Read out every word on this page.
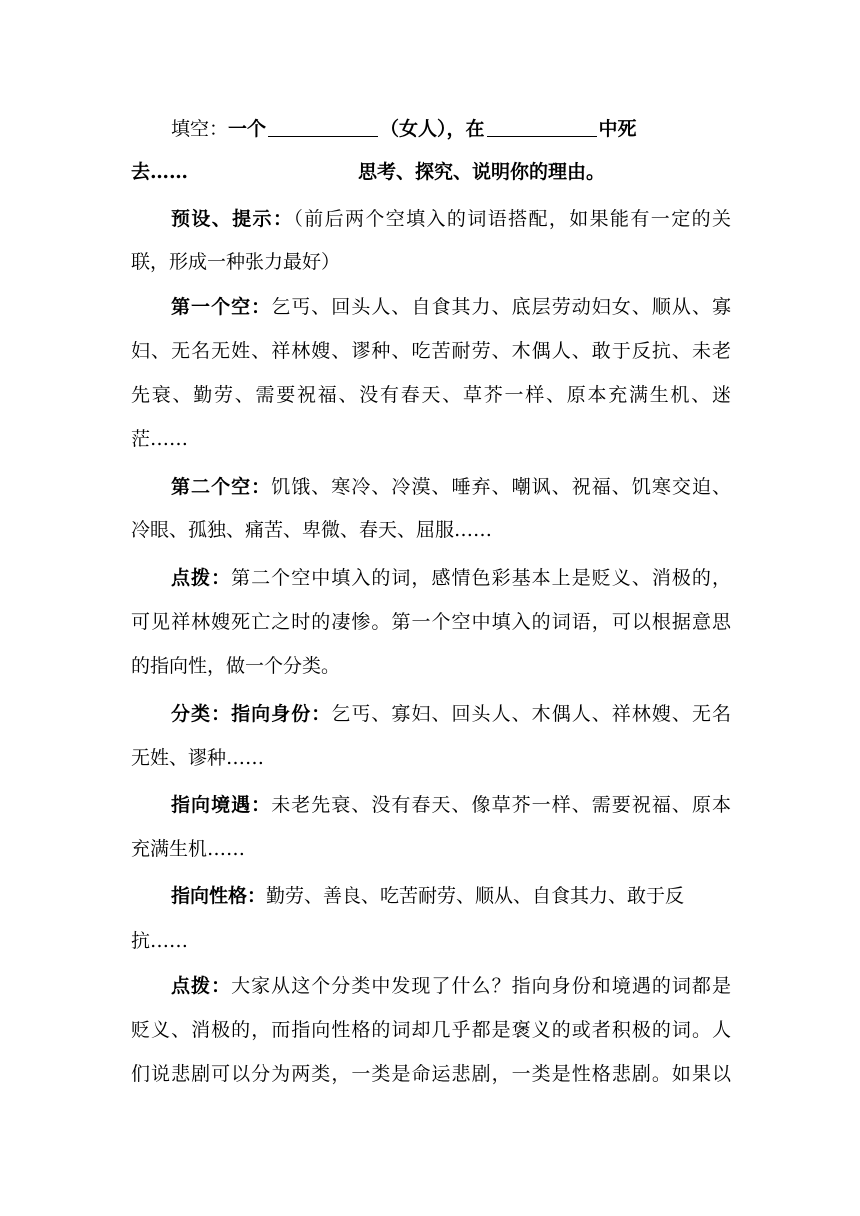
填空：一个	（女人），在	中死
去……	思考、探究、说明你的理由。
预设、提示：（前后两个空填入的词语搭配，如果能有一定的关
联，形成一种张力最好）
第一个空：乞丐、回头人、自食其力、底层劳动妇女、顺从、寡
妇、无名无姓、祥林嫂、谬种、吃苦耐劳、木偶人、敢于反抗、未老
先衰、勤劳、需要祝福、没有春天、草芥一样、原本充满生机、迷
茫……
第二个空：饥饿、寒冷、冷漠、唾弃、嘲讽、祝福、饥寒交迫、
冷眼、孤独、痛苦、卑微、春天、屈服……
点拨：第二个空中填入的词，感情色彩基本上是贬义、消极的，
可见祥林嫂死亡之时的凄惨。第一个空中填入的词语，可以根据意思
的指向性，做一个分类。
分类：指向身份：乞丐、寡妇、回头人、木偶人、祥林嫂、无名
无姓、谬种……
指向境遇：未老先衰、没有春天、像草芥一样、需要祝福、原本
充满生机……
指向性格：勤劳、善良、吃苦耐劳、顺从、自食其力、敢于反
抗……
点拨：大家从这个分类中发现了什么？指向身份和境遇的词都是
贬义、消极的，而指向性格的词却几乎都是褒义的或者积极的词。人
们说悲剧可以分为两类，一类是命运悲剧，一类是性格悲剧。如果以
